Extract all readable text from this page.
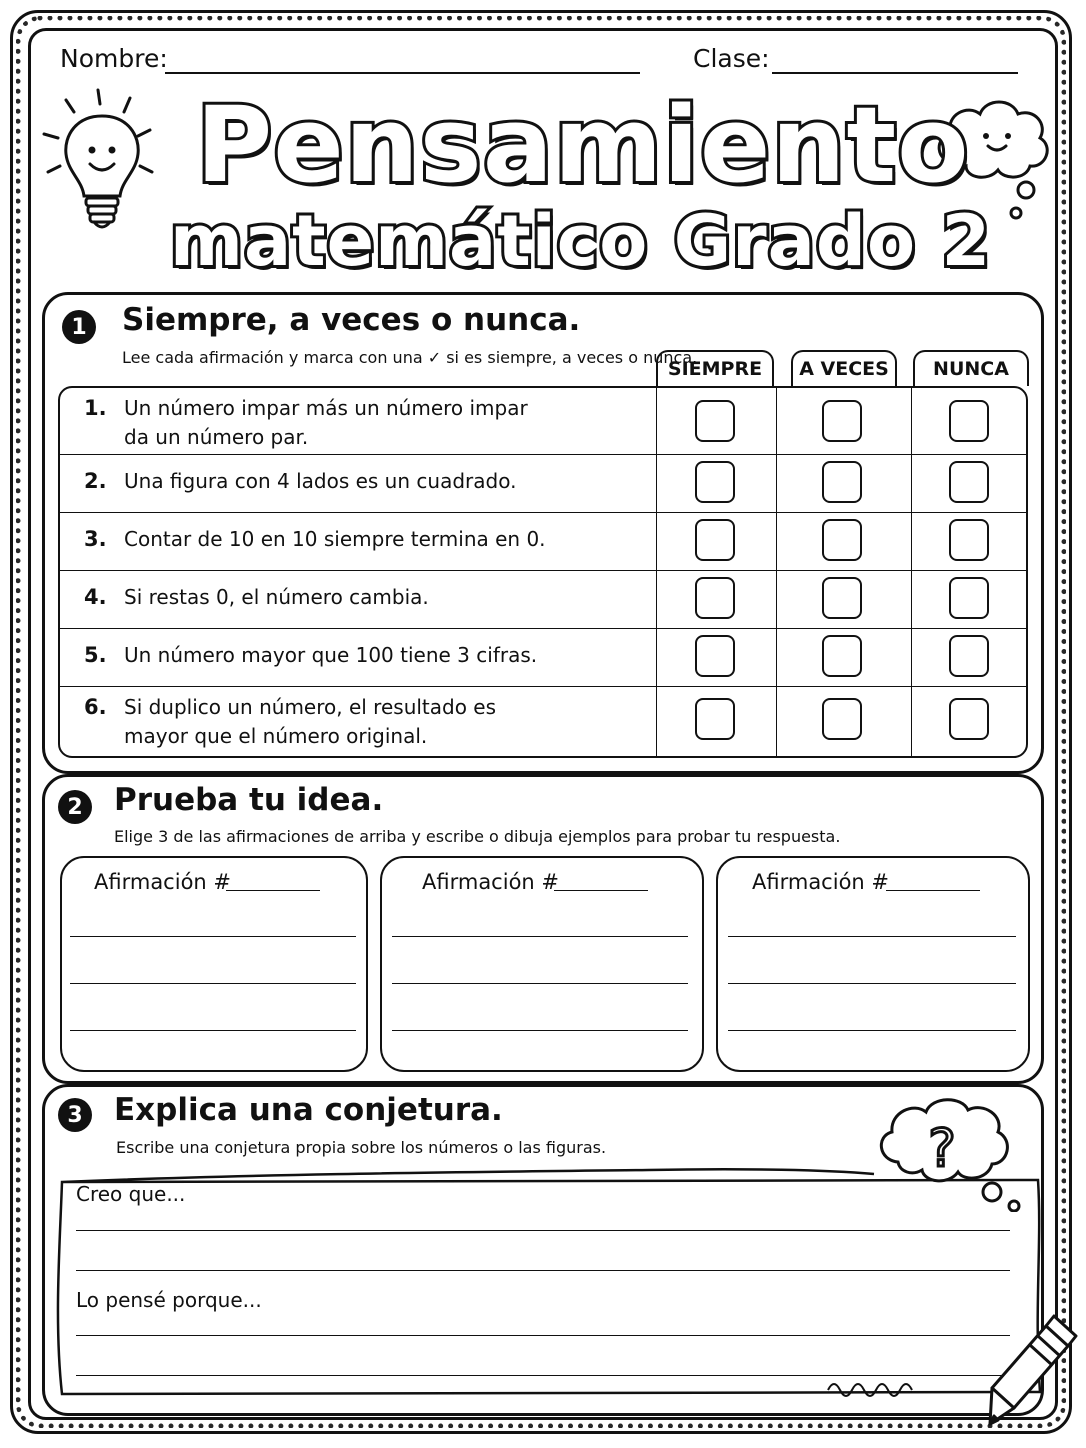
Nombre:	Clase:
Pensamiento
matemático Grado 2
1	Siempre, a veces o nunca.
Lee cada afirmación y marca con una ✓ si es siempre, a veces o nunca.
SIEMPRE	A VECES	NUNCA
1. Un número impar más un número impar
da un número par.
2. Una figura con 4 lados es un cuadrado.
3. Contar de 10 en 10 siempre termina en 0.
4. Si restas 0, el número cambia.
5. Un número mayor que 100 tiene 3 cifras.
6. Si duplico un número, el resultado es
mayor que el número original.
2	Prueba tu idea.
Elige 3 de las afirmaciones de arriba y escribe o dibuja ejemplos para probar tu respuesta.
Afirmación #	Afirmación #	Afirmación #
3	Explica una conjetura.
Escribe una conjetura propia sobre los números o las figuras.
Creo que...
Lo pensé porque...
?
